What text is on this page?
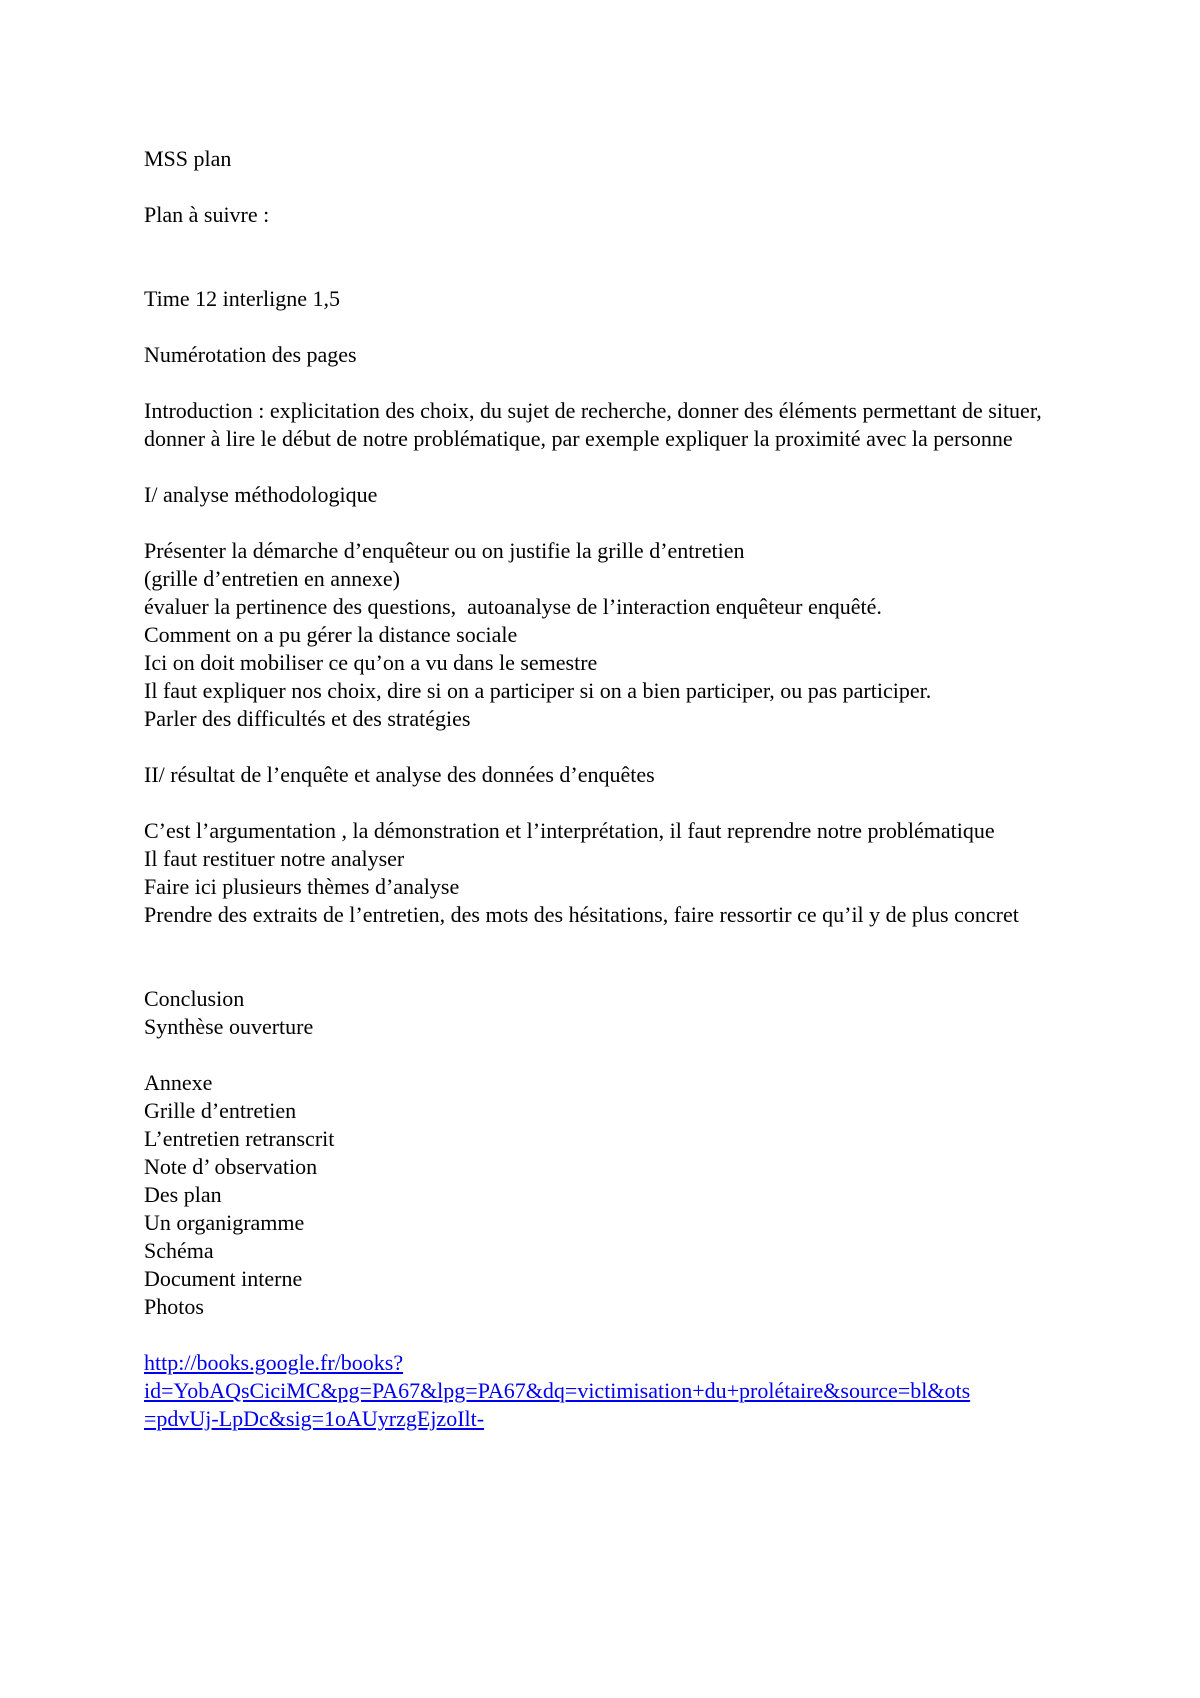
MSS plan
Plan à suivre :
Time 12 interligne 1,5
Numérotation des pages
Introduction : explicitation des choix, du sujet de recherche, donner des éléments permettant de situer, donner à lire le début de notre problématique, par exemple expliquer la proximité avec la personne
I/ analyse méthodologique
Présenter la démarche d’enquêteur ou on justifie la grille d’entretien
(grille d’entretien en annexe)
évaluer la pertinence des questions,  autoanalyse de l’interaction enquêteur enquêté.
Comment on a pu gérer la distance sociale
Ici on doit mobiliser ce qu’on a vu dans le semestre
Il faut expliquer nos choix, dire si on a participer si on a bien participer, ou pas participer.
Parler des difficultés et des stratégies
II/ résultat de l’enquête et analyse des données d’enquêtes
C’est l’argumentation , la démonstration et l’interprétation, il faut reprendre notre problématique
Il faut restituer notre analyser
Faire ici plusieurs thèmes d’analyse
Prendre des extraits de l’entretien, des mots des hésitations, faire ressortir ce qu’il y de plus concret
Conclusion
Synthèse ouverture
Annexe
Grille d’entretien
L’entretien retranscrit
Note d’ observation
Des plan
Un organigramme
Schéma
Document interne
Photos
http://books.google.fr/books?
id=YobAQsCiciMC&pg=PA67&lpg=PA67&dq=victimisation+du+prolétaire&source=bl&ots
=pdvUj-LpDc&sig=1oAUyrzgEjzoIlt-
